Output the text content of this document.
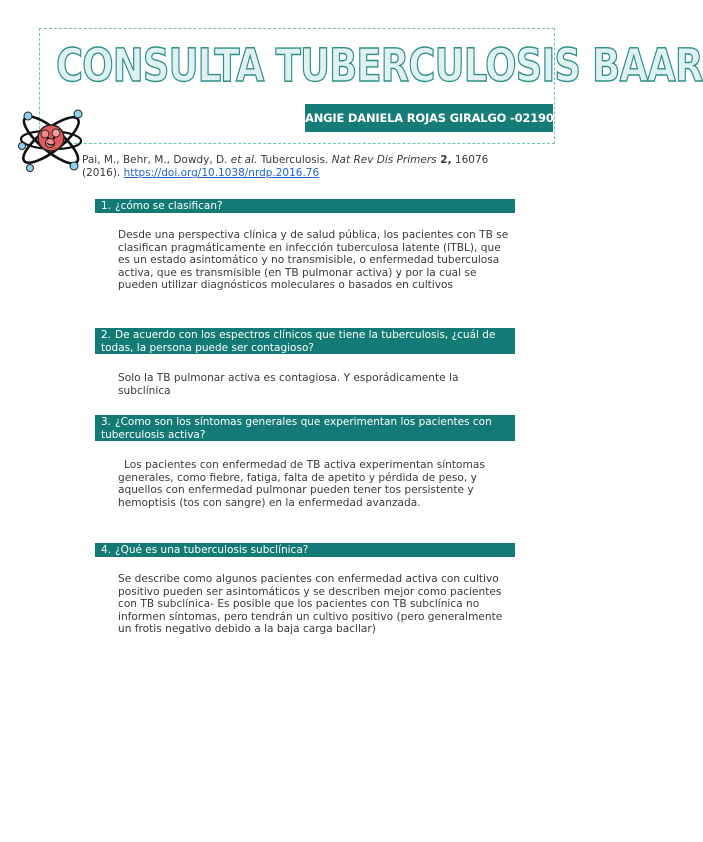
CONSULTA TUBERCULOSIS BAAR
ANGIE DANIELA ROJAS GIRALGO -02190171040
Pai, M., Behr, M., Dowdy, D. et al. Tuberculosis. Nat Rev Dis Primers 2, 16076 (2016). https://doi.org/10.1038/nrdp.2016.76
1. ¿cómo se clasifican?
Desde una perspectiva clínica y de salud pública, los pacientes con TB se clasifican pragmáticamente en infección tuberculosa latente (ITBL), que es un estado asintomático y no transmisible, o enfermedad tuberculosa activa, que es transmisible (en TB pulmonar activa) y por la cual se pueden utilizar diagnósticos moleculares o basados en cultivos
2. De acuerdo con los espectros clínicos que tiene la tuberculosis, ¿cuál de todas, la persona puede ser contagioso?
Solo la TB pulmonar activa es contagiosa. Y esporádicamente la subclínica
3. ¿Como son los síntomas generales que experimentan los pacientes con tuberculosis activa?
Los pacientes con enfermedad de TB activa experimentan síntomas generales, como fiebre, fatiga, falta de apetito y pérdida de peso, y aquellos con enfermedad pulmonar pueden tener tos persistente y hemoptisis (tos con sangre) en la enfermedad avanzada.
4. ¿Qué es una tuberculosis subclínica?
Se describe como algunos pacientes con enfermedad activa con cultivo positivo pueden ser asintomáticos y se describen mejor como pacientes con TB subclínica- Es posible que los pacientes con TB subclínica no informen síntomas, pero tendrán un cultivo positivo (pero generalmente un frotis negativo debido a la baja carga bacilar)
